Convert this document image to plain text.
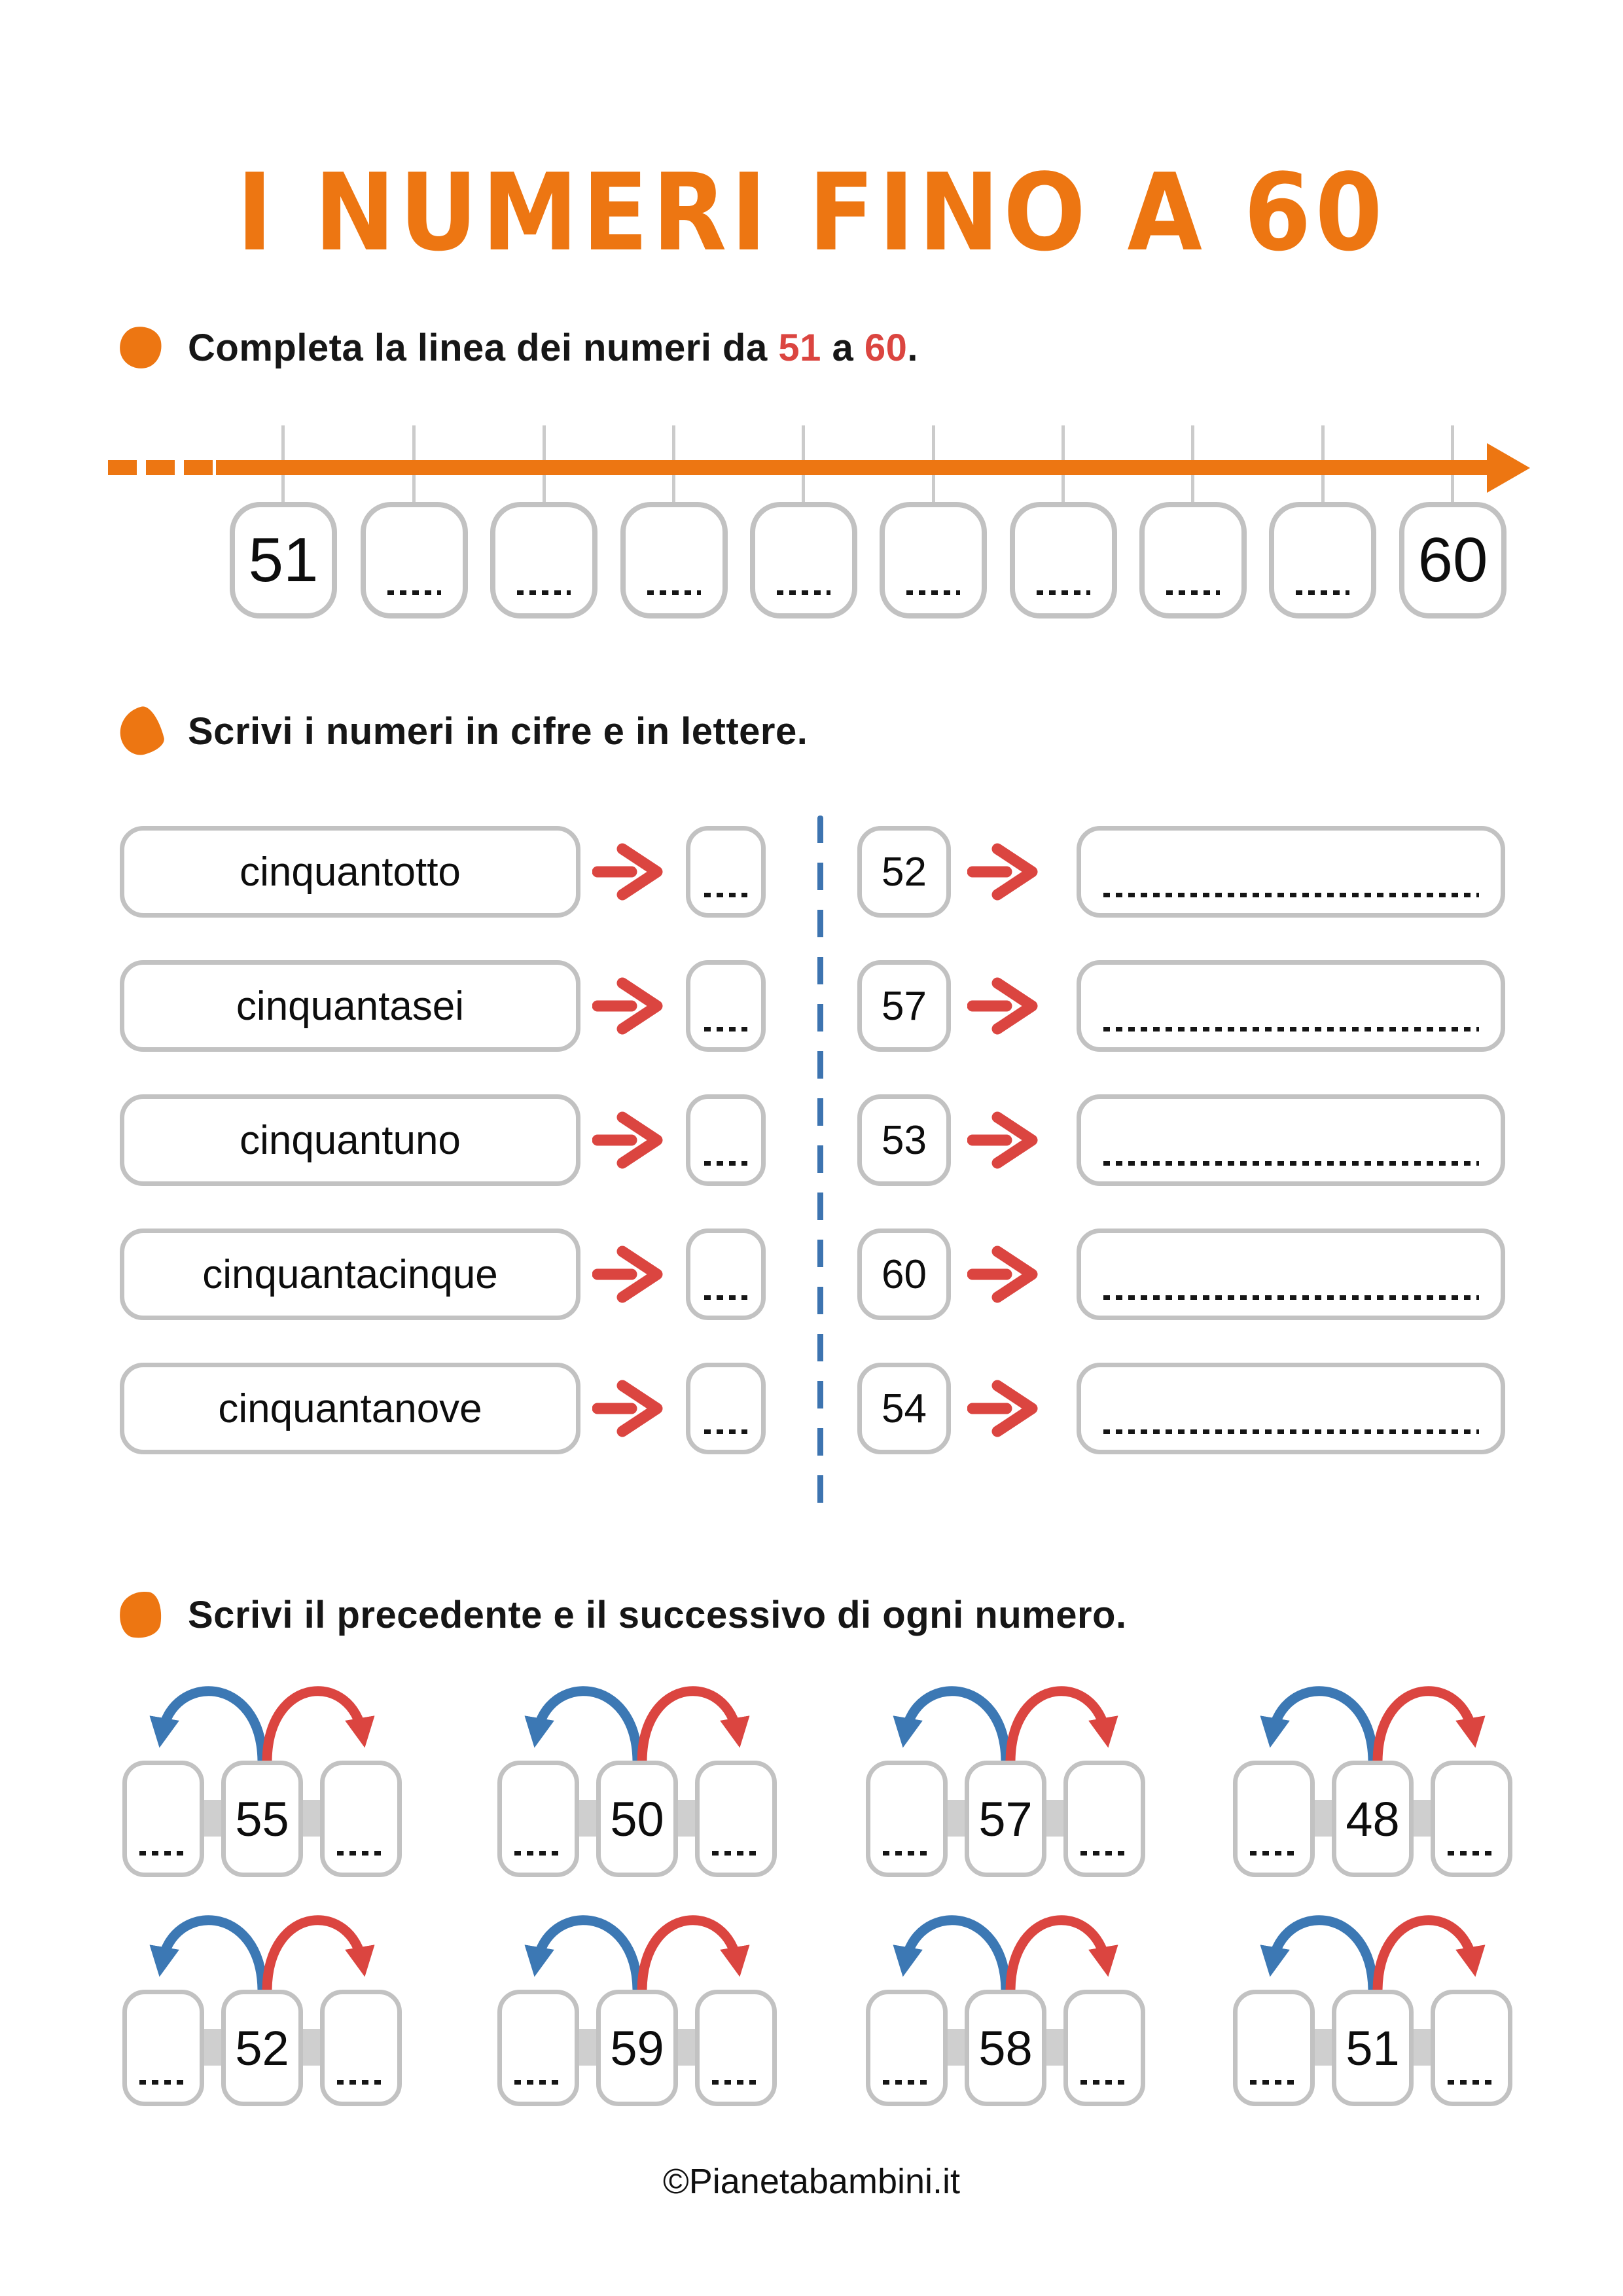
I NUMERI FINO A 60

Completa la linea dei numeri da 51 a 60.

51	60

Scrivi i numeri in cifre e in lettere.

cinquantotto	52
cinquantasei	57
cinquantuno	53
cinquantacinque	60
cinquantanove	54

Scrivi il precedente e il successivo di ogni numero.

55	50	57	48
52	59	58	51
©Pianetabambini.it
